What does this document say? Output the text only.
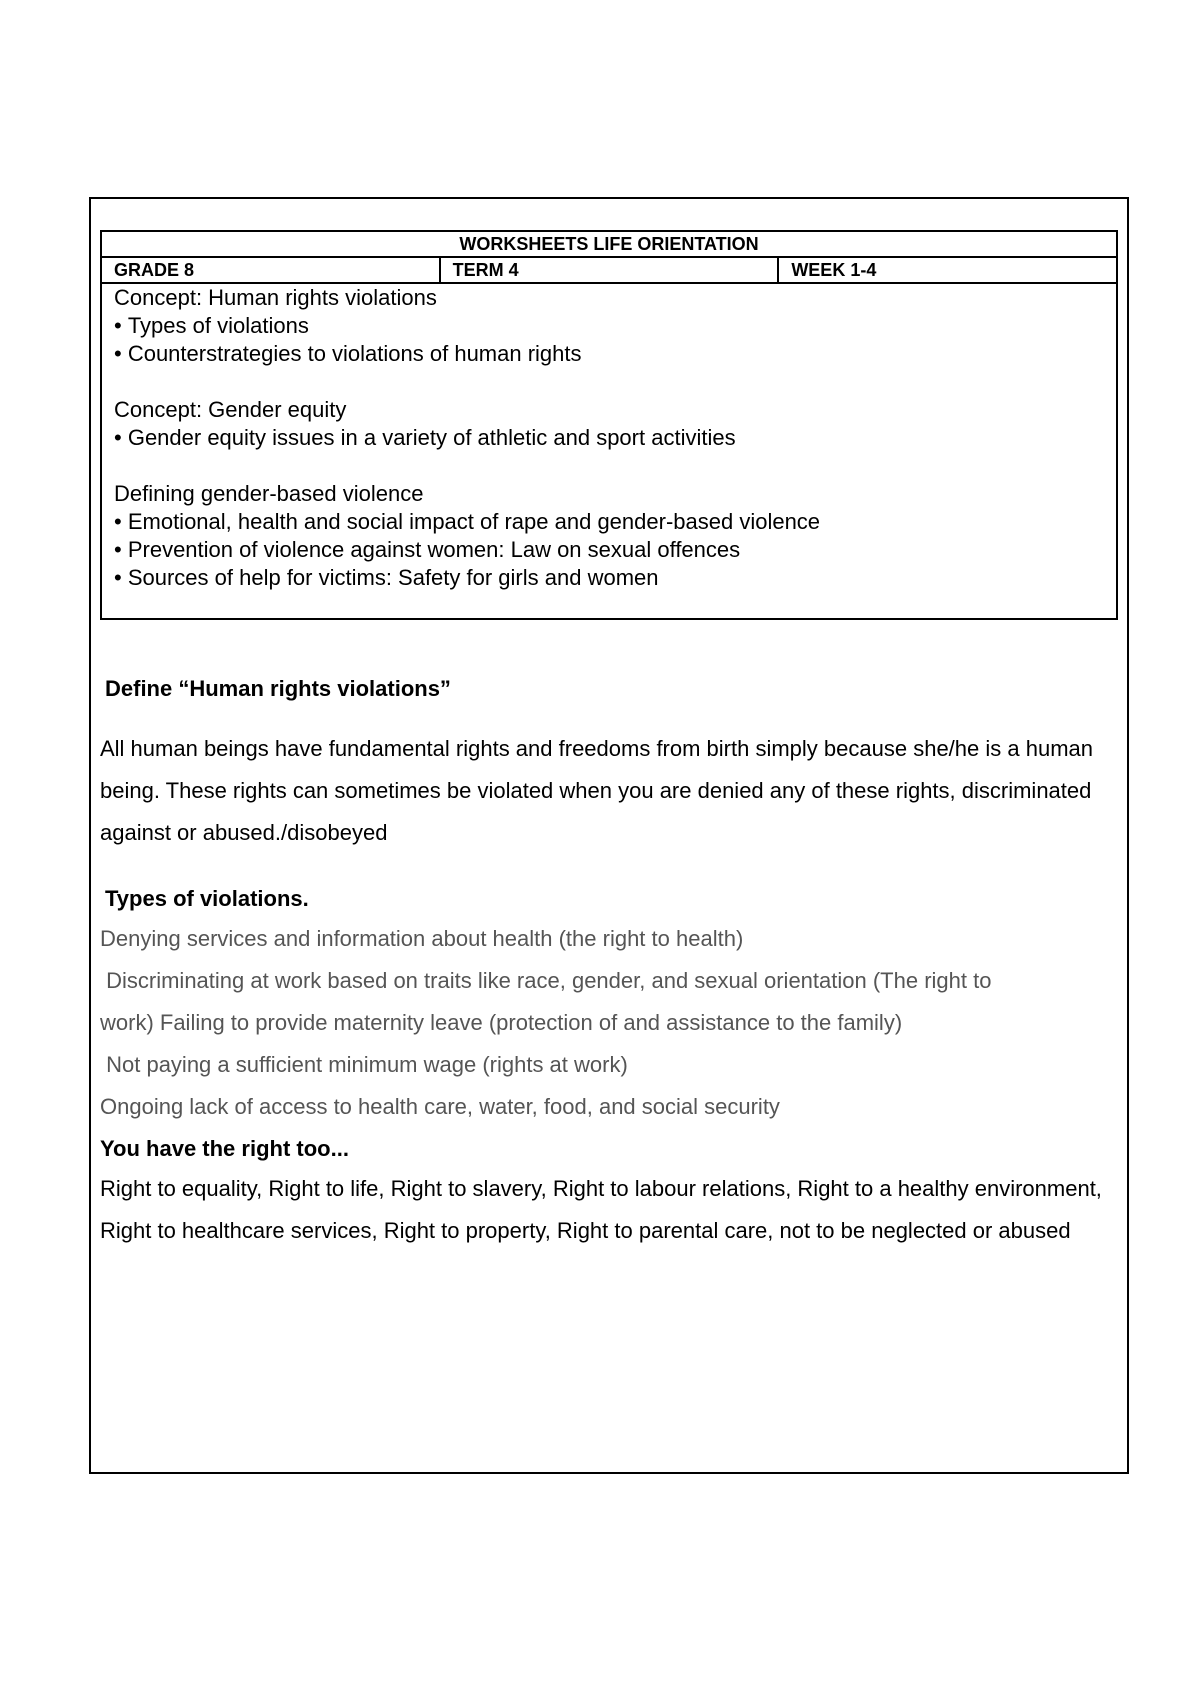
WORKSHEETS LIFE ORIENTATION
GRADE 8	TERM 4	WEEK 1-4

Concept: Human rights violations
• Types of violations
• Counterstrategies to violations of human rights
Concept: Gender equity
• Gender equity issues in a variety of athletic and sport activities
Defining gender-based violence
• Emotional, health and social impact of rape and gender-based violence
• Prevention of violence against women: Law on sexual offences
• Sources of help for victims: Safety for girls and women
Define “Human rights violations”
All human beings have fundamental rights and freedoms from birth simply because she/he is a human being. These rights can sometimes be violated when you are denied any of these rights, discriminated against or abused./disobeyed
Types of violations.
Denying services and information about health (the right to health)
Discriminating at work based on traits like race, gender, and sexual orientation (The right to
work) Failing to provide maternity leave (protection of and assistance to the family)
Not paying a sufficient minimum wage (rights at work)
Ongoing lack of access to health care, water, food, and social security
You have the right too...
Right to equality, Right to life, Right to slavery, Right to labour relations, Right to a healthy environment, Right to healthcare services, Right to property, Right to parental care, not to be neglected or abused
